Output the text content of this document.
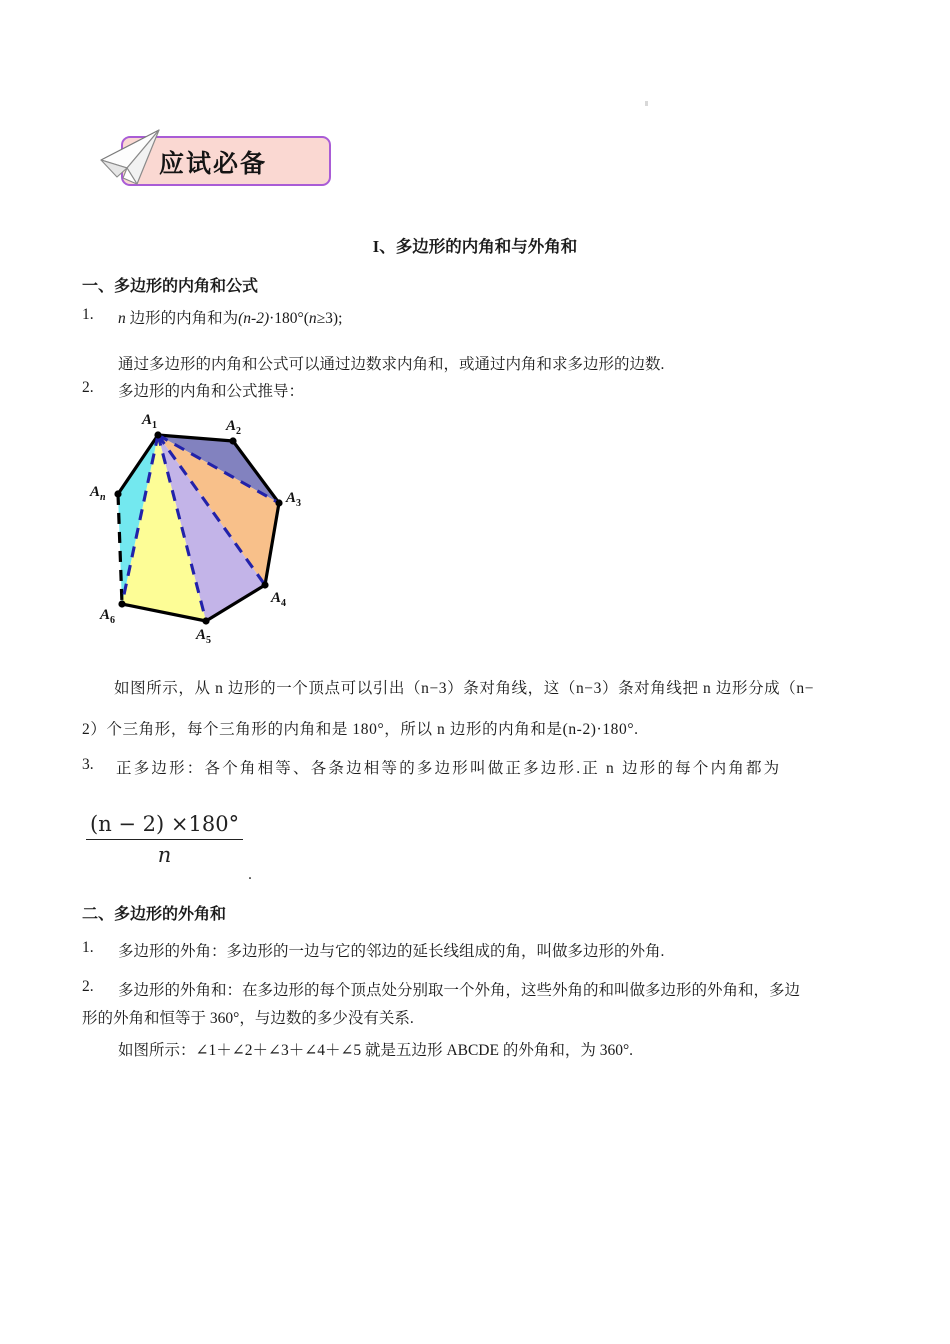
应试必备
I、多边形的内角和与外角和
一、多边形的内角和公式
1. n 边形的内角和为(n-2)·180°(n≥3);
通过多边形的内角和公式可以通过边数求内角和，或通过内角和求多边形的边数.
2. 多边形的内角和公式推导：
$A_1$	$A_2$
$A_3$
$A_4$
$A_5$
$A_6$
$A_n$
如图所示，从 n 边形的一个顶点可以引出（n−3）条对角线，这（n−3）条对角线把 n 边形分成（n−
2）个三角形，每个三角形的内角和是 180°，所以 n 边形的内角和是(n-2)·180°.
3. 正多边形：各个角相等、各条边相等的多边形叫做正多边形.正 n 边形的每个内角都为
$\frac{(n - 2) \times 180^\circ}{n}$
.
二、多边形的外角和
1. 多边形的外角：多边形的一边与它的邻边的延长线组成的角，叫做多边形的外角.
2. 多边形的外角和：在多边形的每个顶点处分别取一个外角，这些外角的和叫做多边形的外角和，多边
形的外角和恒等于 360°，与边数的多少没有关系.
如图所示：∠1＋∠2＋∠3＋∠4＋∠5 就是五边形 ABCDE 的外角和，为 360°.
